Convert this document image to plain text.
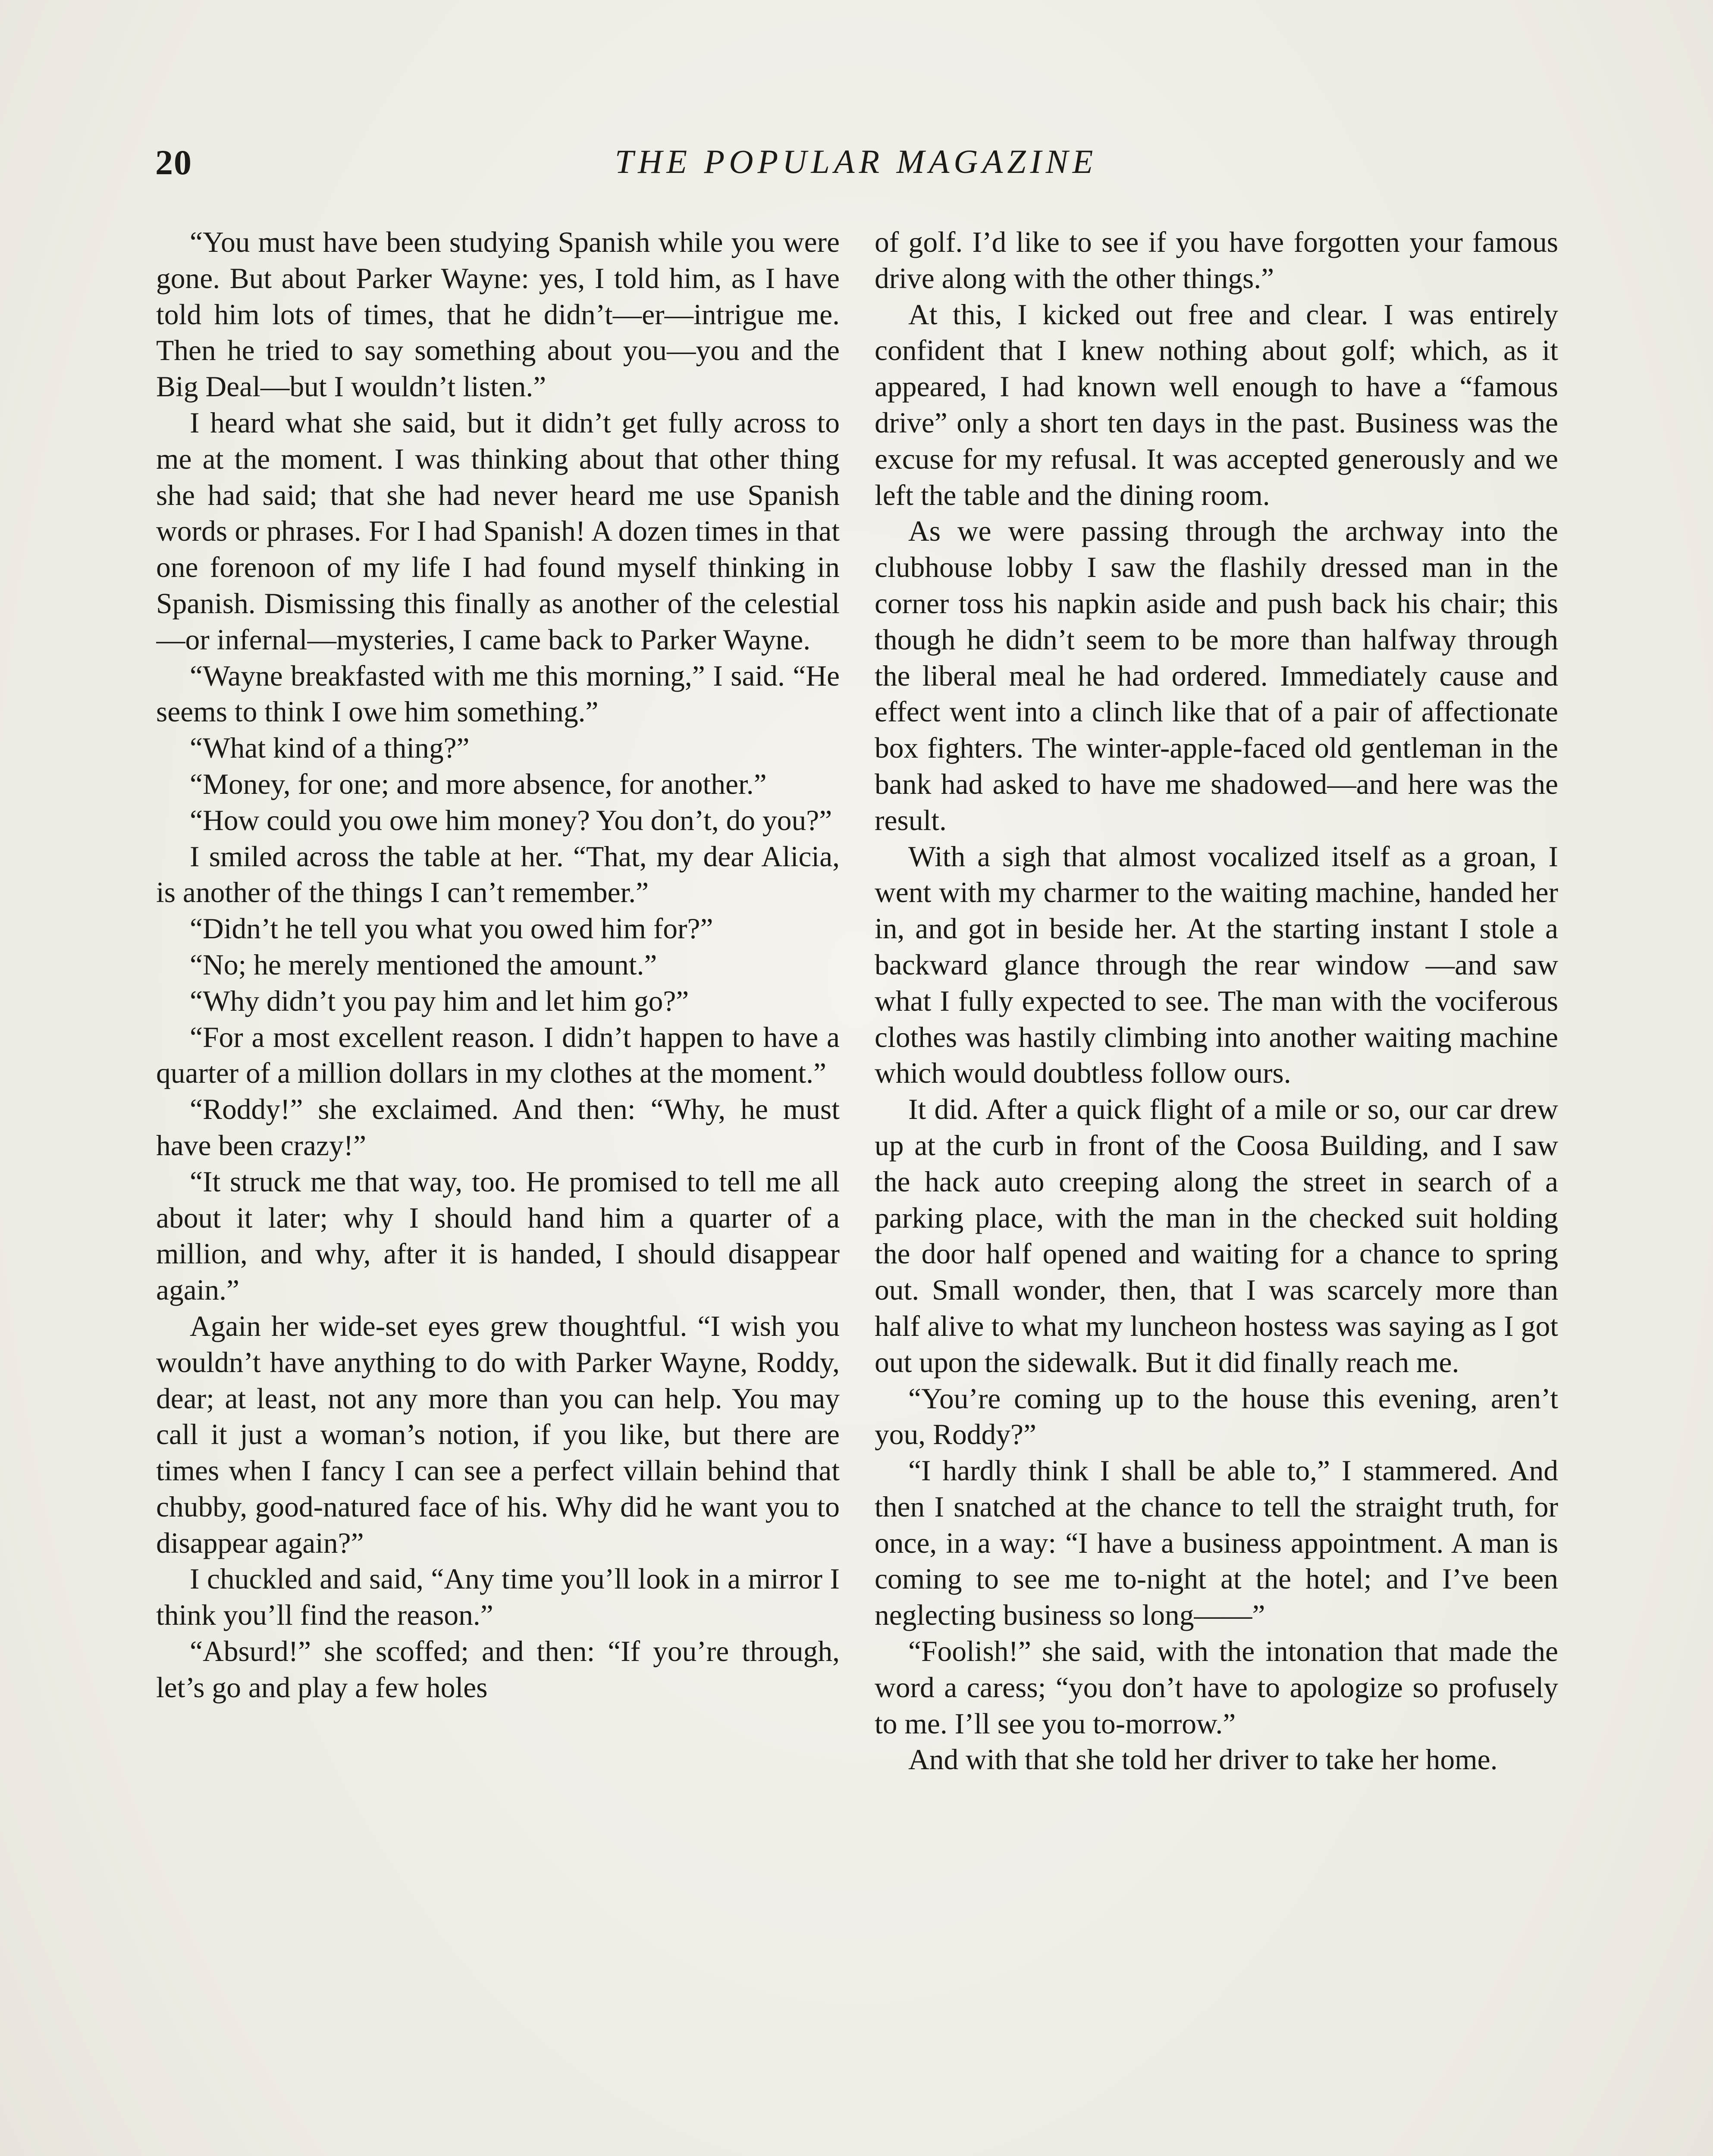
20	THE POPULAR MAGAZINE

“You must have been studying Spanish while you were gone. But about Parker Wayne: yes, I told him, as I have told him lots of times, that he didn’t—er—intrigue me. Then he tried to say something about you—you and the Big Deal—but I wouldn’t listen.”

I heard what she said, but it didn’t get fully across to me at the moment. I was thinking about that other thing she had said; that she had never heard me use Spanish words or phrases. For I had Spanish! A dozen times in that one forenoon of my life I had found myself thinking in Spanish. Dismissing this finally as another of the celestial—or infernal—mysteries, I came back to Parker Wayne.

“Wayne breakfasted with me this morning,” I said. “He seems to think I owe him something.”

“What kind of a thing?”

“Money, for one; and more absence, for another.”

“How could you owe him money? You don’t, do you?”

I smiled across the table at her. “That, my dear Alicia, is another of the things I can’t remember.”

“Didn’t he tell you what you owed him for?”

“No; he merely mentioned the amount.”

“Why didn’t you pay him and let him go?”

“For a most excellent reason. I didn’t happen to have a quarter of a million dollars in my clothes at the moment.”

“Roddy!” she exclaimed. And then: “Why, he must have been crazy!”

“It struck me that way, too. He promised to tell me all about it later; why I should hand him a quarter of a million, and why, after it is handed, I should disappear again.”

Again her wide-set eyes grew thoughtful. “I wish you wouldn’t have anything to do with Parker Wayne, Roddy, dear; at least, not any more than you can help. You may call it just a woman’s notion, if you like, but there are times when I fancy I can see a perfect villain behind that chubby, good-natured face of his. Why did he want you to disappear again?”

I chuckled and said, “Any time you’ll look in a mirror I think you’ll find the reason.”

“Absurd!” she scoffed; and then: “If you’re through, let’s go and play a few holes

of golf. I’d like to see if you have forgotten your famous drive along with the other things.”

At this, I kicked out free and clear. I was entirely confident that I knew nothing about golf; which, as it appeared, I had known well enough to have a “famous drive” only a short ten days in the past. Business was the excuse for my refusal. It was accepted generously and we left the table and the dining room.

As we were passing through the archway into the clubhouse lobby I saw the flashily dressed man in the corner toss his napkin aside and push back his chair; this though he didn’t seem to be more than halfway through the liberal meal he had ordered. Immediately cause and effect went into a clinch like that of a pair of affectionate box fighters. The winter-apple-faced old gentleman in the bank had asked to have me shadowed—and here was the result.

With a sigh that almost vocalized itself as a groan, I went with my charmer to the waiting machine, handed her in, and got in beside her. At the starting instant I stole a backward glance through the rear window —and saw what I fully expected to see. The man with the vociferous clothes was hastily climbing into another waiting machine which would doubtless follow ours.

It did. After a quick flight of a mile or so, our car drew up at the curb in front of the Coosa Building, and I saw the hack auto creeping along the street in search of a parking place, with the man in the checked suit holding the door half opened and waiting for a chance to spring out. Small wonder, then, that I was scarcely more than half alive to what my luncheon hostess was saying as I got out upon the sidewalk. But it did finally reach me.

“You’re coming up to the house this evening, aren’t you, Roddy?”

“I hardly think I shall be able to,” I stammered. And then I snatched at the chance to tell the straight truth, for once, in a way: “I have a business appointment. A man is coming to see me to-night at the hotel; and I’ve been neglecting business so long——”

“Foolish!” she said, with the intonation that made the word a caress; “you don’t have to apologize so profusely to me. I’ll see you to-morrow.”

And with that she told her driver to take her home.
